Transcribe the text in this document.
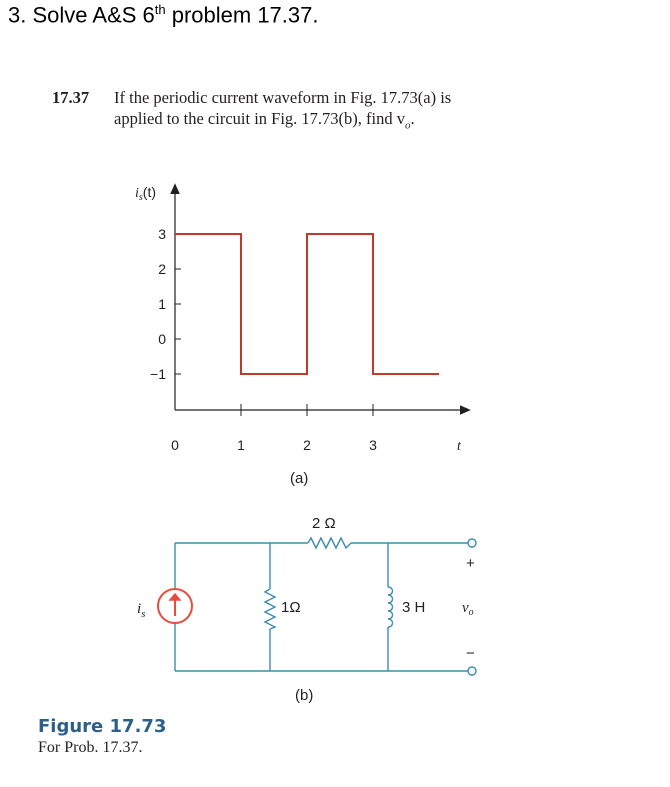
3. Solve A&S 6th problem 17.37.
17.37 If the periodic current waveform in Fig. 17.73(a) is
applied to the circuit in Fig. 17.73(b), find $v_o$.
$i_s(t)$
3
2
1
0
−1
0	1	2	3	t
(a)
$i_s$
2 Ω
1Ω	3 H
+
−
$v_o$
(b)
Figure 17.73
For Prob. 17.37.
